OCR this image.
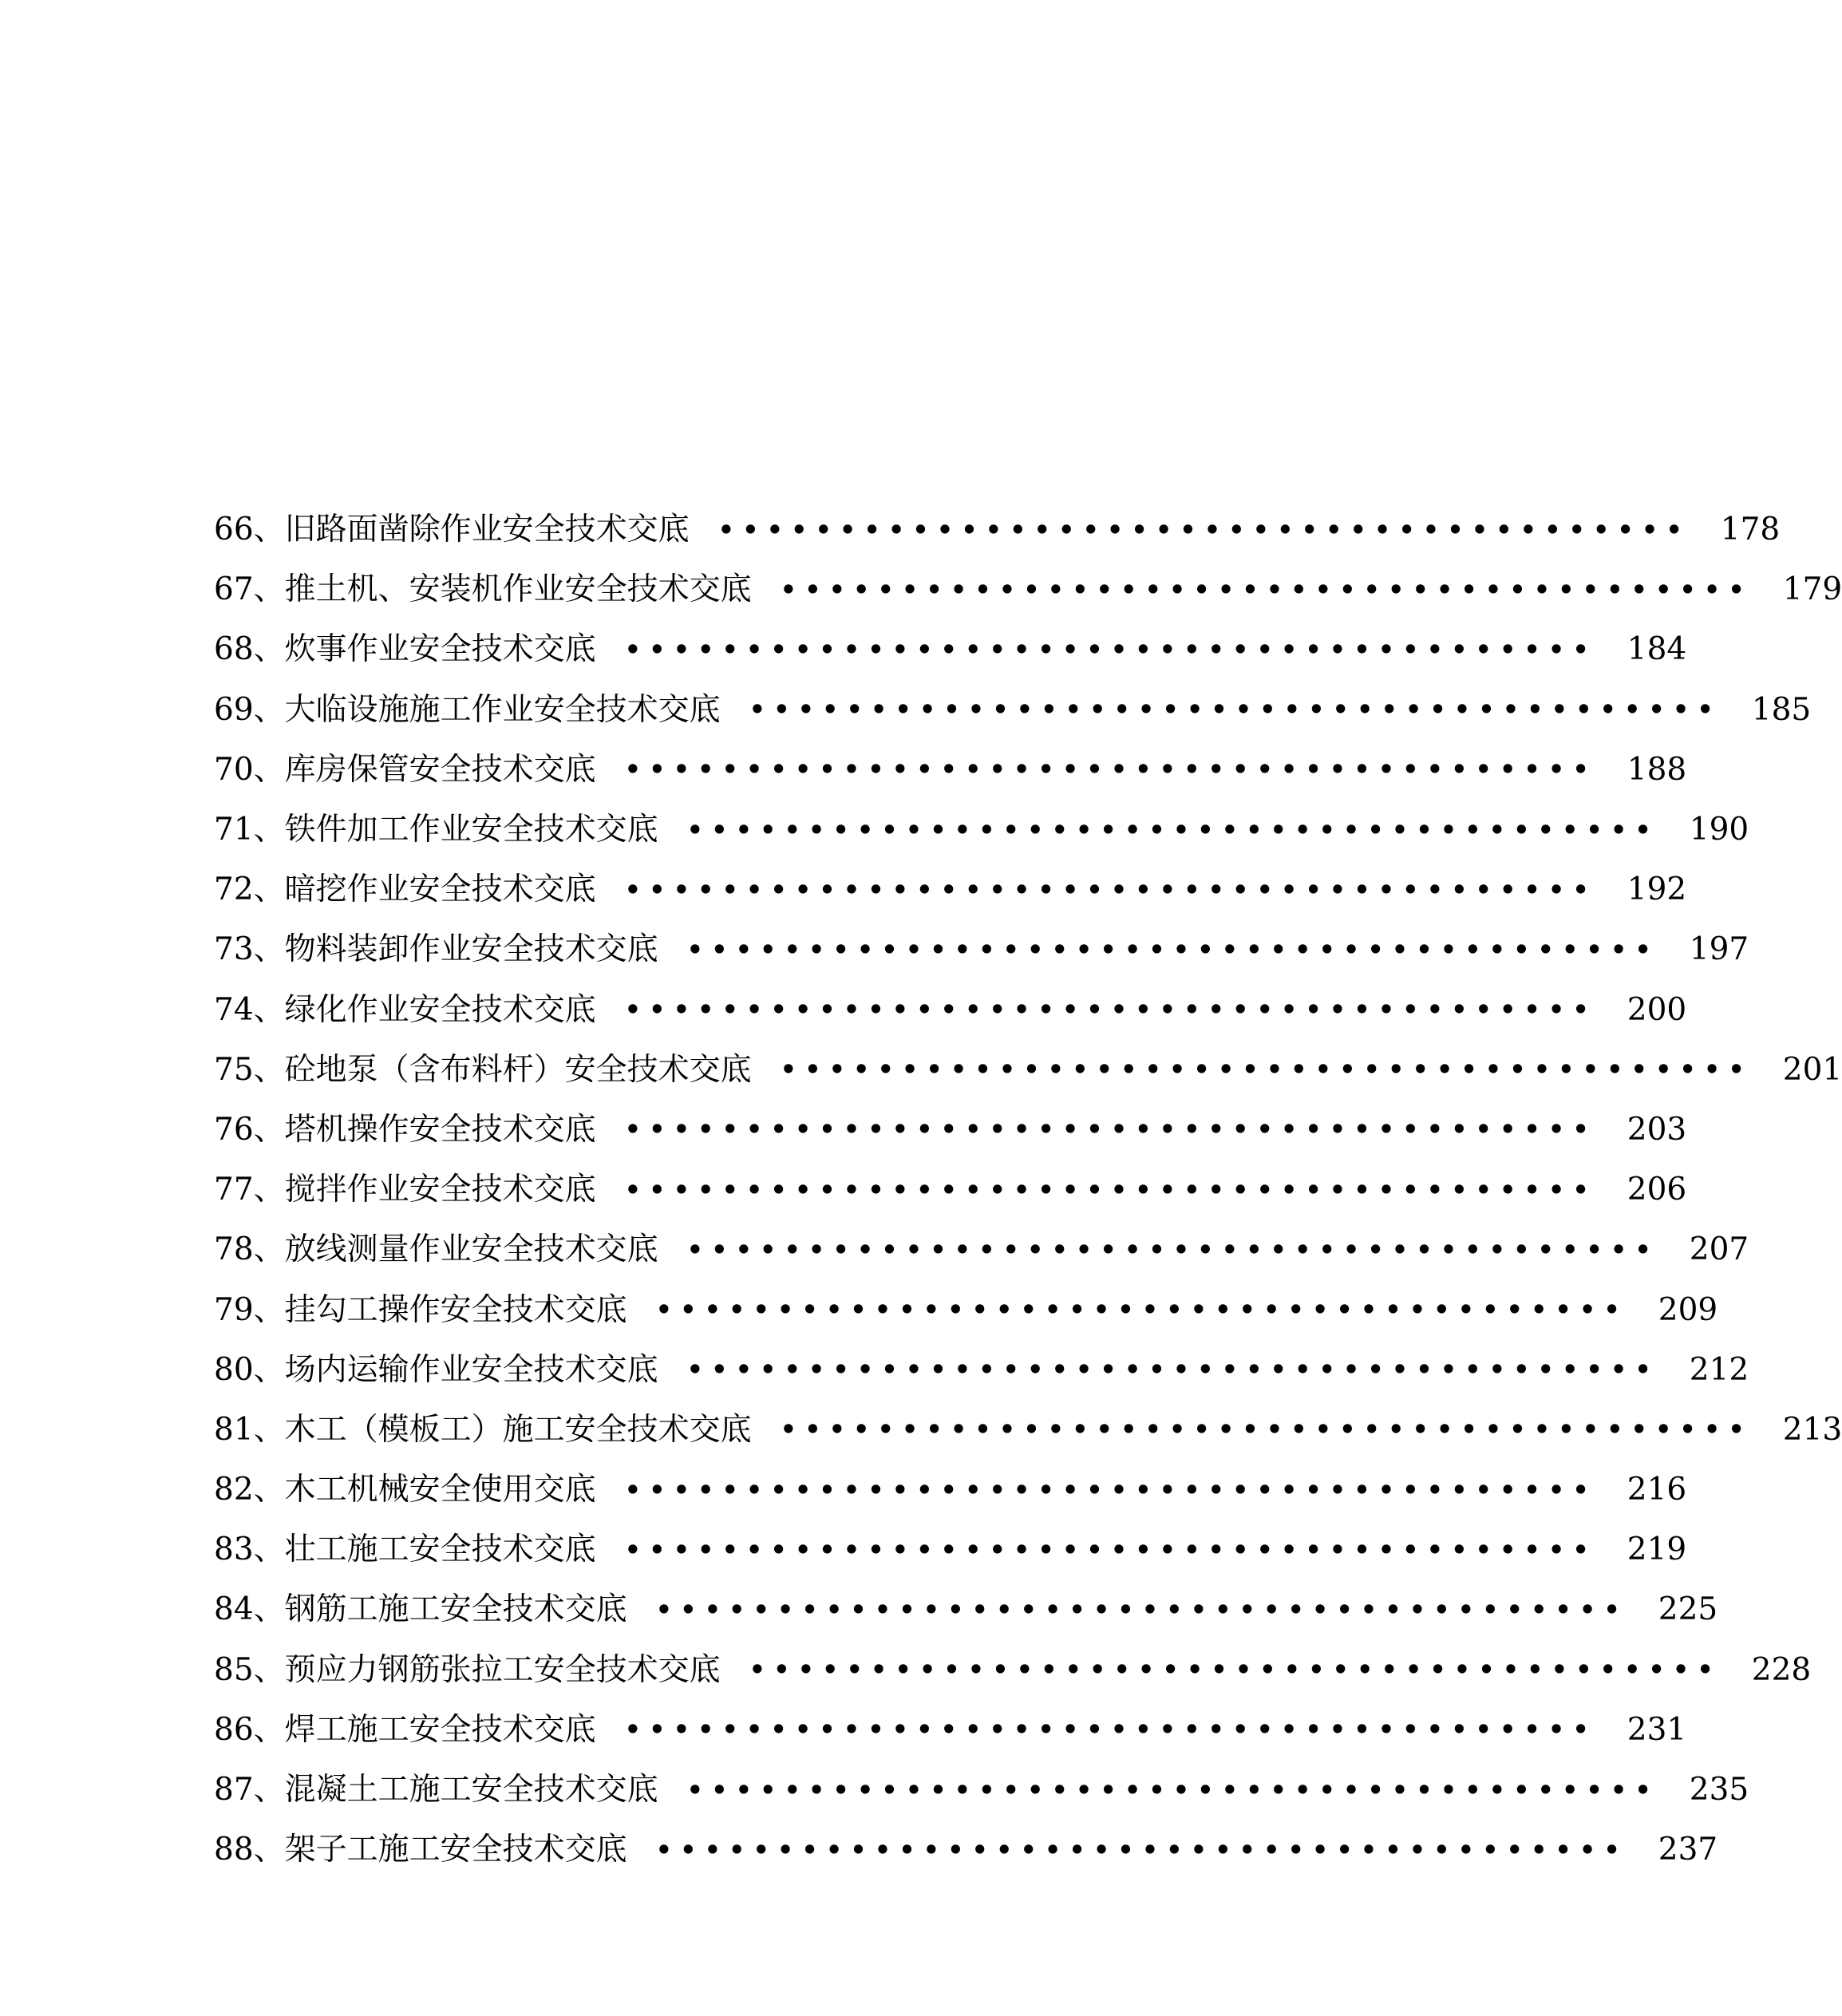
66、 旧路面凿除作业安全技术交底 •••••••••••••••••••••••••••••••••••••••• 178
67、 推土机、安装机作业安全技术交底 •••••••••••••••••••••••••••••••••••••••• 179
68、 炊事作业安全技术交底 •••••••••••••••••••••••••••••••••••••••• 184
69、 大临设施施工作业安全技术交底 •••••••••••••••••••••••••••••••••••••••• 185
70、 库房保管安全技术交底 •••••••••••••••••••••••••••••••••••••••• 188
71、 铁件加工作业安全技术交底 •••••••••••••••••••••••••••••••••••••••• 190
72、 暗挖作业安全技术交底 •••••••••••••••••••••••••••••••••••••••• 192
73、 物料装卸作业安全技术交底 •••••••••••••••••••••••••••••••••••••••• 197
74、 绿化作业安全技术交底 •••••••••••••••••••••••••••••••••••••••• 200
75、 砼地泵（含布料杆）安全技术交底 •••••••••••••••••••••••••••••••••••••••• 201
76、 塔机操作安全技术交底 •••••••••••••••••••••••••••••••••••••••• 203
77、 搅拌作业安全技术交底 •••••••••••••••••••••••••••••••••••••••• 206
78、 放线测量作业安全技术交底 •••••••••••••••••••••••••••••••••••••••• 207
79、 挂勾工操作安全技术交底 •••••••••••••••••••••••••••••••••••••••• 209
80、 场内运输作业安全技术交底 •••••••••••••••••••••••••••••••••••••••• 212
81、 木工（模板工）施工安全技术交底 •••••••••••••••••••••••••••••••••••••••• 213
82、 木工机械安全使用交底 •••••••••••••••••••••••••••••••••••••••• 216
83、 壮工施工安全技术交底 •••••••••••••••••••••••••••••••••••••••• 219
84、 钢筋工施工安全技术交底 •••••••••••••••••••••••••••••••••••••••• 225
85、 预应力钢筋张拉工安全技术交底 •••••••••••••••••••••••••••••••••••••••• 228
86、 焊工施工安全技术交底 •••••••••••••••••••••••••••••••••••••••• 231
87、 混凝土工施工安全技术交底 •••••••••••••••••••••••••••••••••••••••• 235
88、 架子工施工安全技术交底 •••••••••••••••••••••••••••••••••••••••• 237
